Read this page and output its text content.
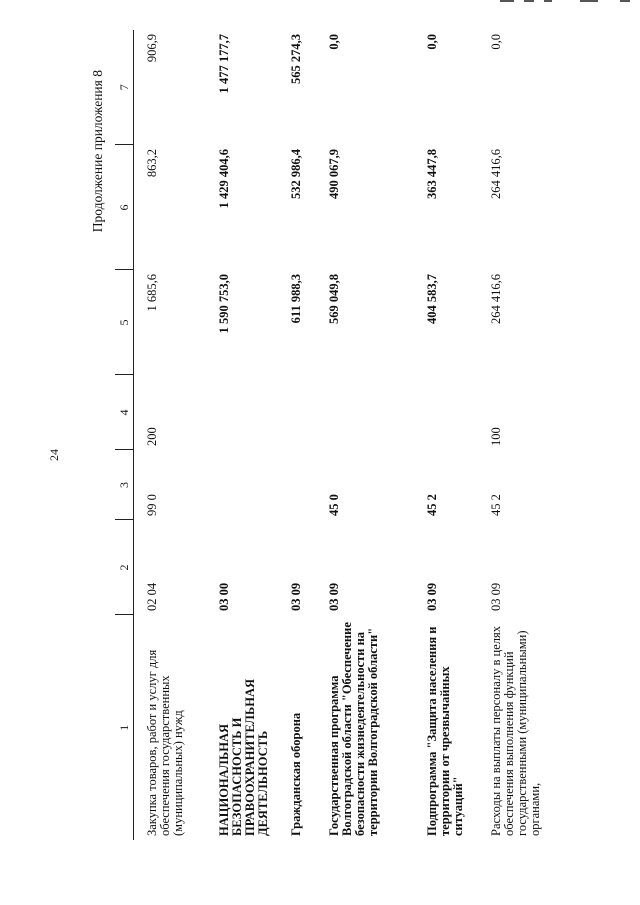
24
Продолжение приложения 8
1	2	3	4	5	6	7
Закупка товаров, работ и услуг для обеспечения государственных (муниципальных) нужд	02 04	99 0	200	1 685,6	863,2	906,9
НАЦИОНАЛЬНАЯ БЕЗОПАСНОСТЬ И ПРАВООХРАНИТЕЛЬНАЯ ДЕЯТЕЛЬНОСТЬ	03 00			1 590 753,0	1 429 404,6	1 477 177,7
Гражданская оборона	03 09			611 988,3	532 986,4	565 274,3
Государственная программа Волгоградской области "Обеспечение безопасности жизнедеятельности на территории Волгоградской области"	03 09	45 0		569 049,8	490 067,9	0,0
Подпрограмма "Защита населения и территории от чрезвычайных ситуаций"	03 09	45 2		404 583,7	363 447,8	0,0
Расходы на выплаты персоналу в целях обеспечения выполнения функций государственными (муниципальными) органами,	03 09	45 2	100	264 416,6	264 416,6	0,0
